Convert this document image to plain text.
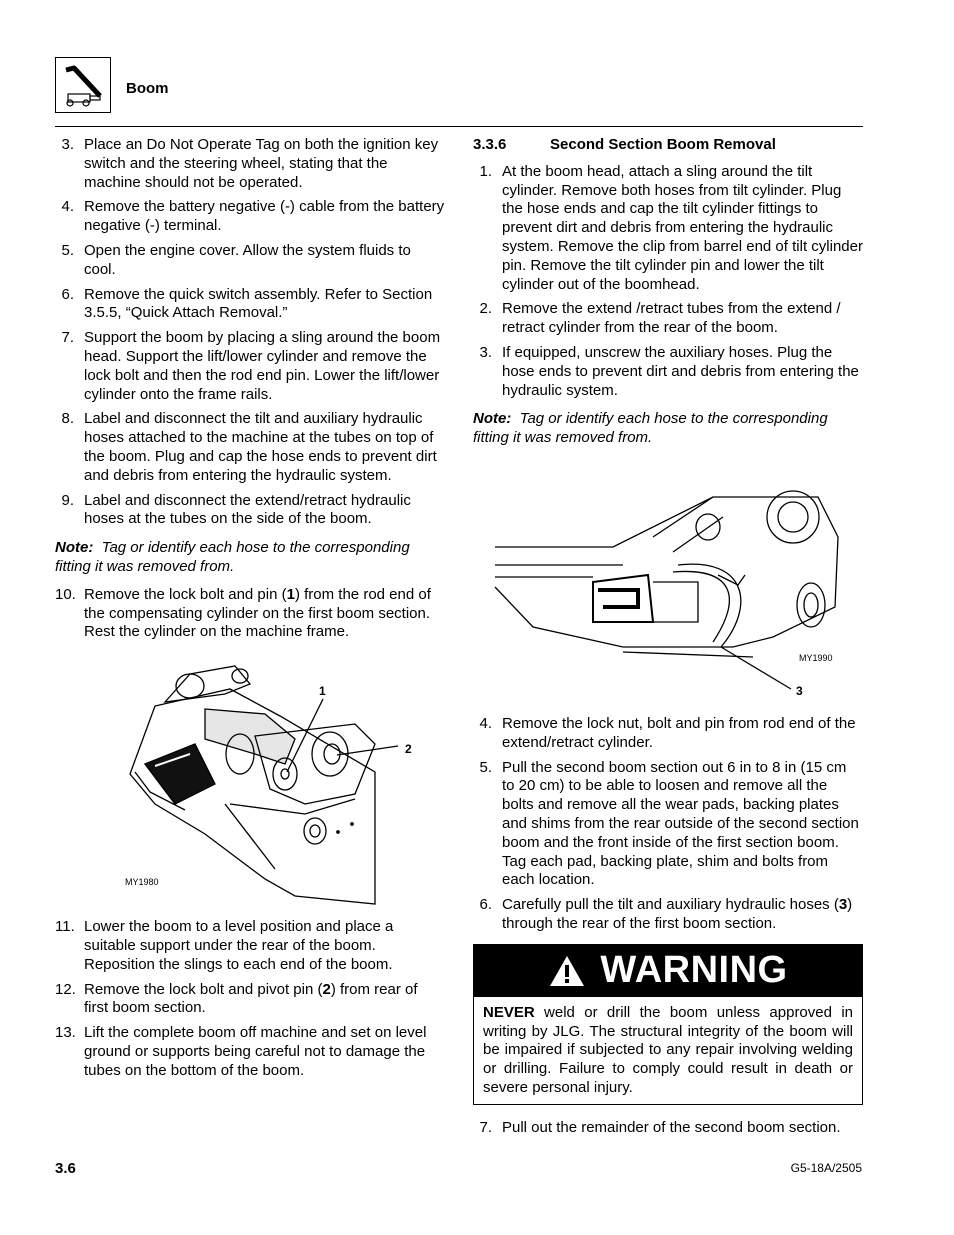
Boom
3. Place an Do Not Operate Tag on both the ignition key switch and the steering wheel, stating that the machine should not be operated.
4. Remove the battery negative (-) cable from the battery negative (-) terminal.
5. Open the engine cover. Allow the system fluids to cool.
6. Remove the quick switch assembly. Refer to Section 3.5.5, “Quick Attach Removal.”
7. Support the boom by placing a sling around the boom head. Support the lift/lower cylinder and remove the lock bolt and then the rod end pin. Lower the lift/lower cylinder onto the frame rails.
8. Label and disconnect the tilt and auxiliary hydraulic hoses attached to the machine at the tubes on top of the boom. Plug and cap the hose ends to prevent dirt and debris from entering the hydraulic system.
9. Label and disconnect the extend/retract hydraulic hoses at the tubes on the side of the boom.
Note: Tag or identify each hose to the corresponding fitting it was removed from.
10. Remove the lock bolt and pin (1) from the rod end of the compensating cylinder on the first boom section. Rest the cylinder on the machine frame.
1
2
MY1980
11. Lower the boom to a level position and place a suitable support under the rear of the boom. Reposition the slings to each end of the boom.
12. Remove the lock bolt and pivot pin (2) from rear of first boom section.
13. Lift the complete boom off machine and set on level ground or supports being careful not to damage the tubes on the bottom of the boom.
3.3.6	Second Section Boom Removal
1. At the boom head, attach a sling around the tilt cylinder. Remove both hoses from tilt cylinder. Plug the hose ends and cap the tilt cylinder fittings to prevent dirt and debris from entering the hydraulic system. Remove the clip from barrel end of tilt cylinder pin. Remove the tilt cylinder pin and lower the tilt cylinder out of the boomhead.
2. Remove the extend /retract tubes from the extend / retract cylinder from the rear of the boom.
3. If equipped, unscrew the auxiliary hoses. Plug the hose ends to prevent dirt and debris from entering the hydraulic system.
Note: Tag or identify each hose to the corresponding fitting it was removed from.
MY1990
3
4. Remove the lock nut, bolt and pin from rod end of the extend/retract cylinder.
5. Pull the second boom section out 6 in to 8 in (15 cm to 20 cm) to be able to loosen and remove all the bolts and remove all the wear pads, backing plates and shims from the rear outside of the second section boom and the front inside of the first section boom. Tag each pad, backing plate, shim and bolts from each location.
6. Carefully pull the tilt and auxiliary hydraulic hoses (3) through the rear of the first boom section.
WARNING
NEVER weld or drill the boom unless approved in writing by JLG. The structural integrity of the boom will be impaired if subjected to any repair involving welding or drilling. Failure to comply could result in death or severe personal injury.
7. Pull out the remainder of the second boom section.
3.6	G5-18A/2505
